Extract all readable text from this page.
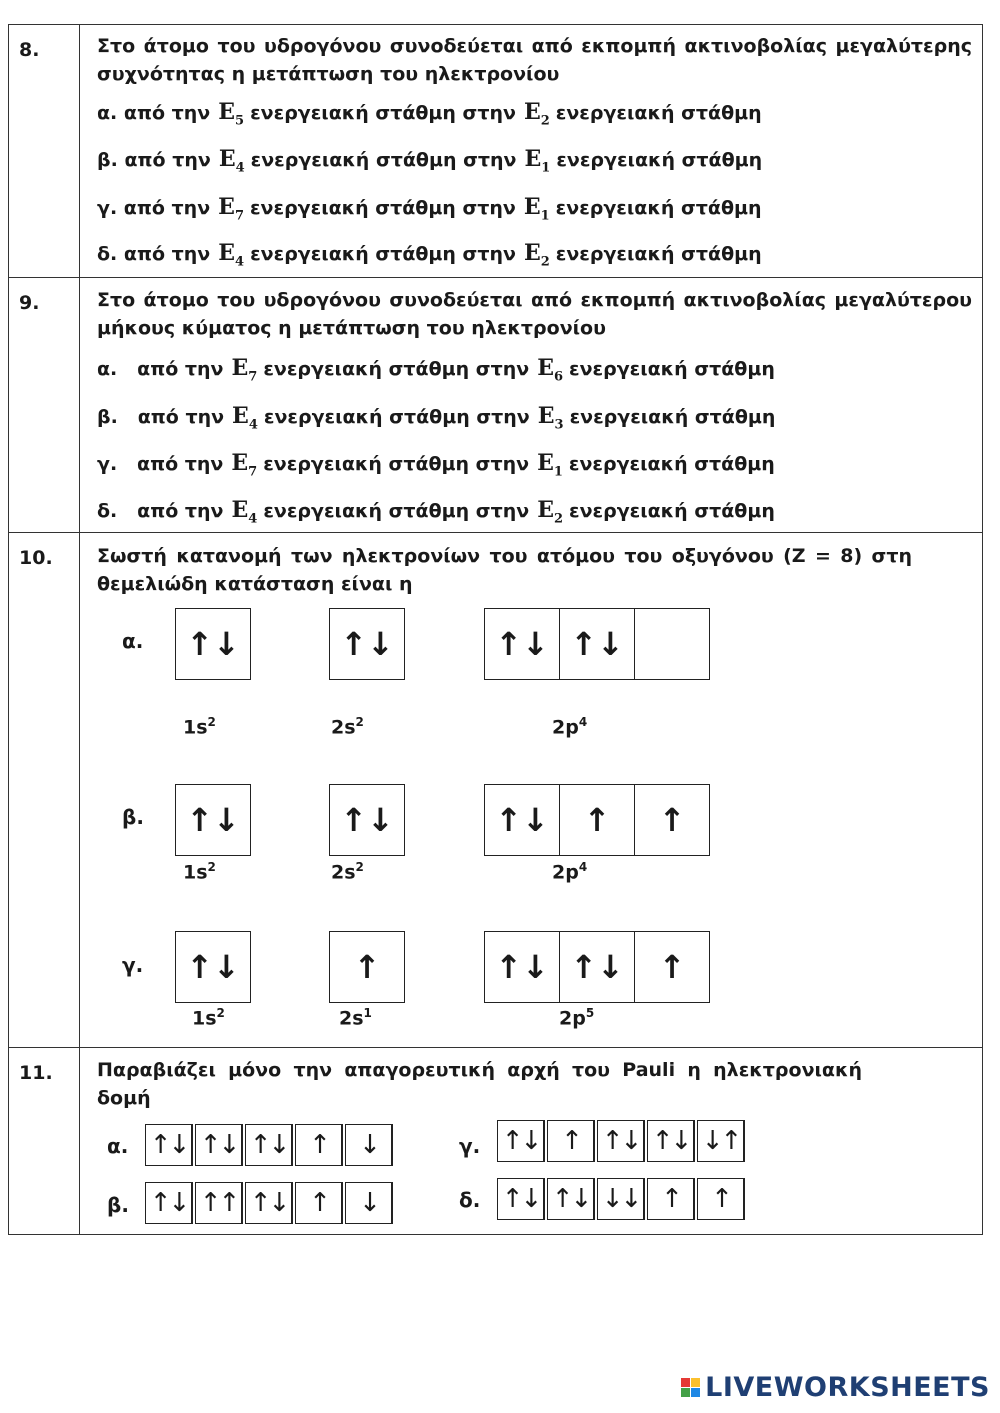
8.	Στο άτομο του υδρογόνου συνοδεύεται από εκπομπή ακτινοβολίας μεγαλύτερης συχνότητας η μετάπτωση του ηλεκτρονίου
α. από την $E_5$ ενεργειακή στάθμη στην $E_2$ ενεργειακή στάθμη
β. από την $E_4$ ενεργειακή στάθμη στην $E_1$ ενεργειακή στάθμη
γ. από την $E_7$ ενεργειακή στάθμη στην $E_1$ ενεργειακή στάθμη
δ. από την $E_4$ ενεργειακή στάθμη στην $E_2$ ενεργειακή στάθμη
9.	Στο άτομο του υδρογόνου συνοδεύεται από εκπομπή ακτινοβολίας μεγαλύτερου μήκους κύματος η μετάπτωση του ηλεκτρονίου
α. από την $E_7$ ενεργειακή στάθμη στην $E_6$ ενεργειακή στάθμη
β. από την $E_4$ ενεργειακή στάθμη στην $E_3$ ενεργειακή στάθμη
γ. από την $E_7$ ενεργειακή στάθμη στην $E_1$ ενεργειακή στάθμη
δ. από την $E_4$ ενεργειακή στάθμη στην $E_2$ ενεργειακή στάθμη
10. Σωστή κατανομή των ηλεκτρονίων του ατόμου του οξυγόνου (Z = 8) στη θεμελιώδη κατάσταση είναι η
α.	↑↓	↑↓	↑↓ ↑↓
$1s^2$	$2s^2$	$2p^4$
β.	↑↓	↑↓	↑↓	↑	↑
$1s^2$	$2s^2$	$2p^4$
γ.	↑↓	↑	↑↓ ↑↓	↑
$1s^2$	$2s^1$	$2p^5$
11. Παραβιάζει μόνο την απαγορευτική αρχή του Pauli η ηλεκτρονιακή δομή
α. ↑↓ ↑↓ ↑↓ ↑	↓
β. ↑↓ ↑↑ ↑↓ ↑	↓
γ. ↑↓ ↑ ↑↓ ↑↓ ↓↑
δ. ↑↓ ↑↓ ↓↓ ↑	↑
LIVEWORKSHEETS
